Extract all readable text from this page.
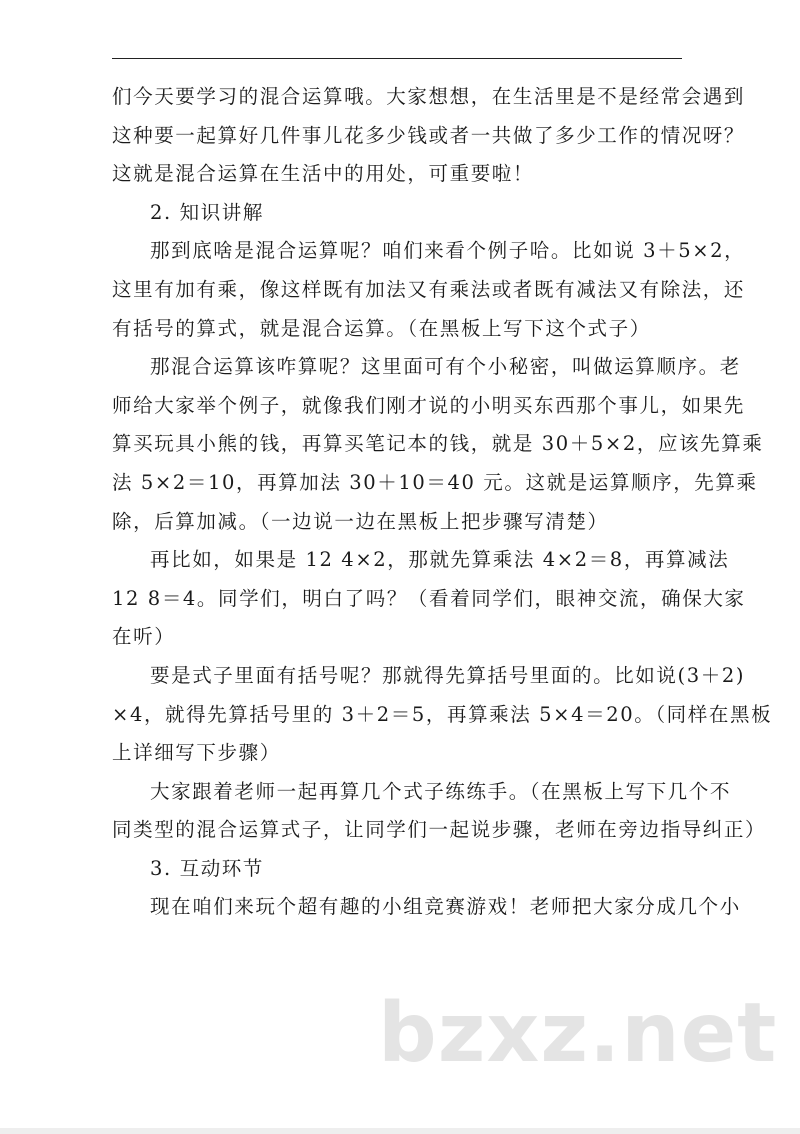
们今天要学习的混合运算哦。大家想想，在生活里是不是经常会遇到
这种要一起算好几件事儿花多少钱或者一共做了多少工作的情况呀？
这就是混合运算在生活中的用处，可重要啦！
2. 知识讲解
那到底啥是混合运算呢？咱们来看个例子哈。比如说 3＋5×2，
这里有加有乘，像这样既有加法又有乘法或者既有减法又有除法，还
有括号的算式，就是混合运算。（在黑板上写下这个式子）
那混合运算该咋算呢？这里面可有个小秘密，叫做运算顺序。老
师给大家举个例子，就像我们刚才说的小明买东西那个事儿，如果先
算买玩具小熊的钱，再算买笔记本的钱，就是 30＋5×2，应该先算乘
法 5×2＝10，再算加法 30＋10＝40 元。这就是运算顺序，先算乘
除，后算加减。（一边说一边在黑板上把步骤写清楚）
再比如，如果是 12 4×2，那就先算乘法 4×2＝8，再算减法
12 8＝4。同学们，明白了吗？（看着同学们，眼神交流，确保大家
在听）
要是式子里面有括号呢？那就得先算括号里面的。比如说(3＋2)
×4，就得先算括号里的 3＋2＝5，再算乘法 5×4＝20。（同样在黑板
上详细写下步骤）
大家跟着老师一起再算几个式子练练手。（在黑板上写下几个不
同类型的混合运算式子，让同学们一起说步骤，老师在旁边指导纠正）
3. 互动环节
现在咱们来玩个超有趣的小组竞赛游戏！老师把大家分成几个小
bzxz.net
